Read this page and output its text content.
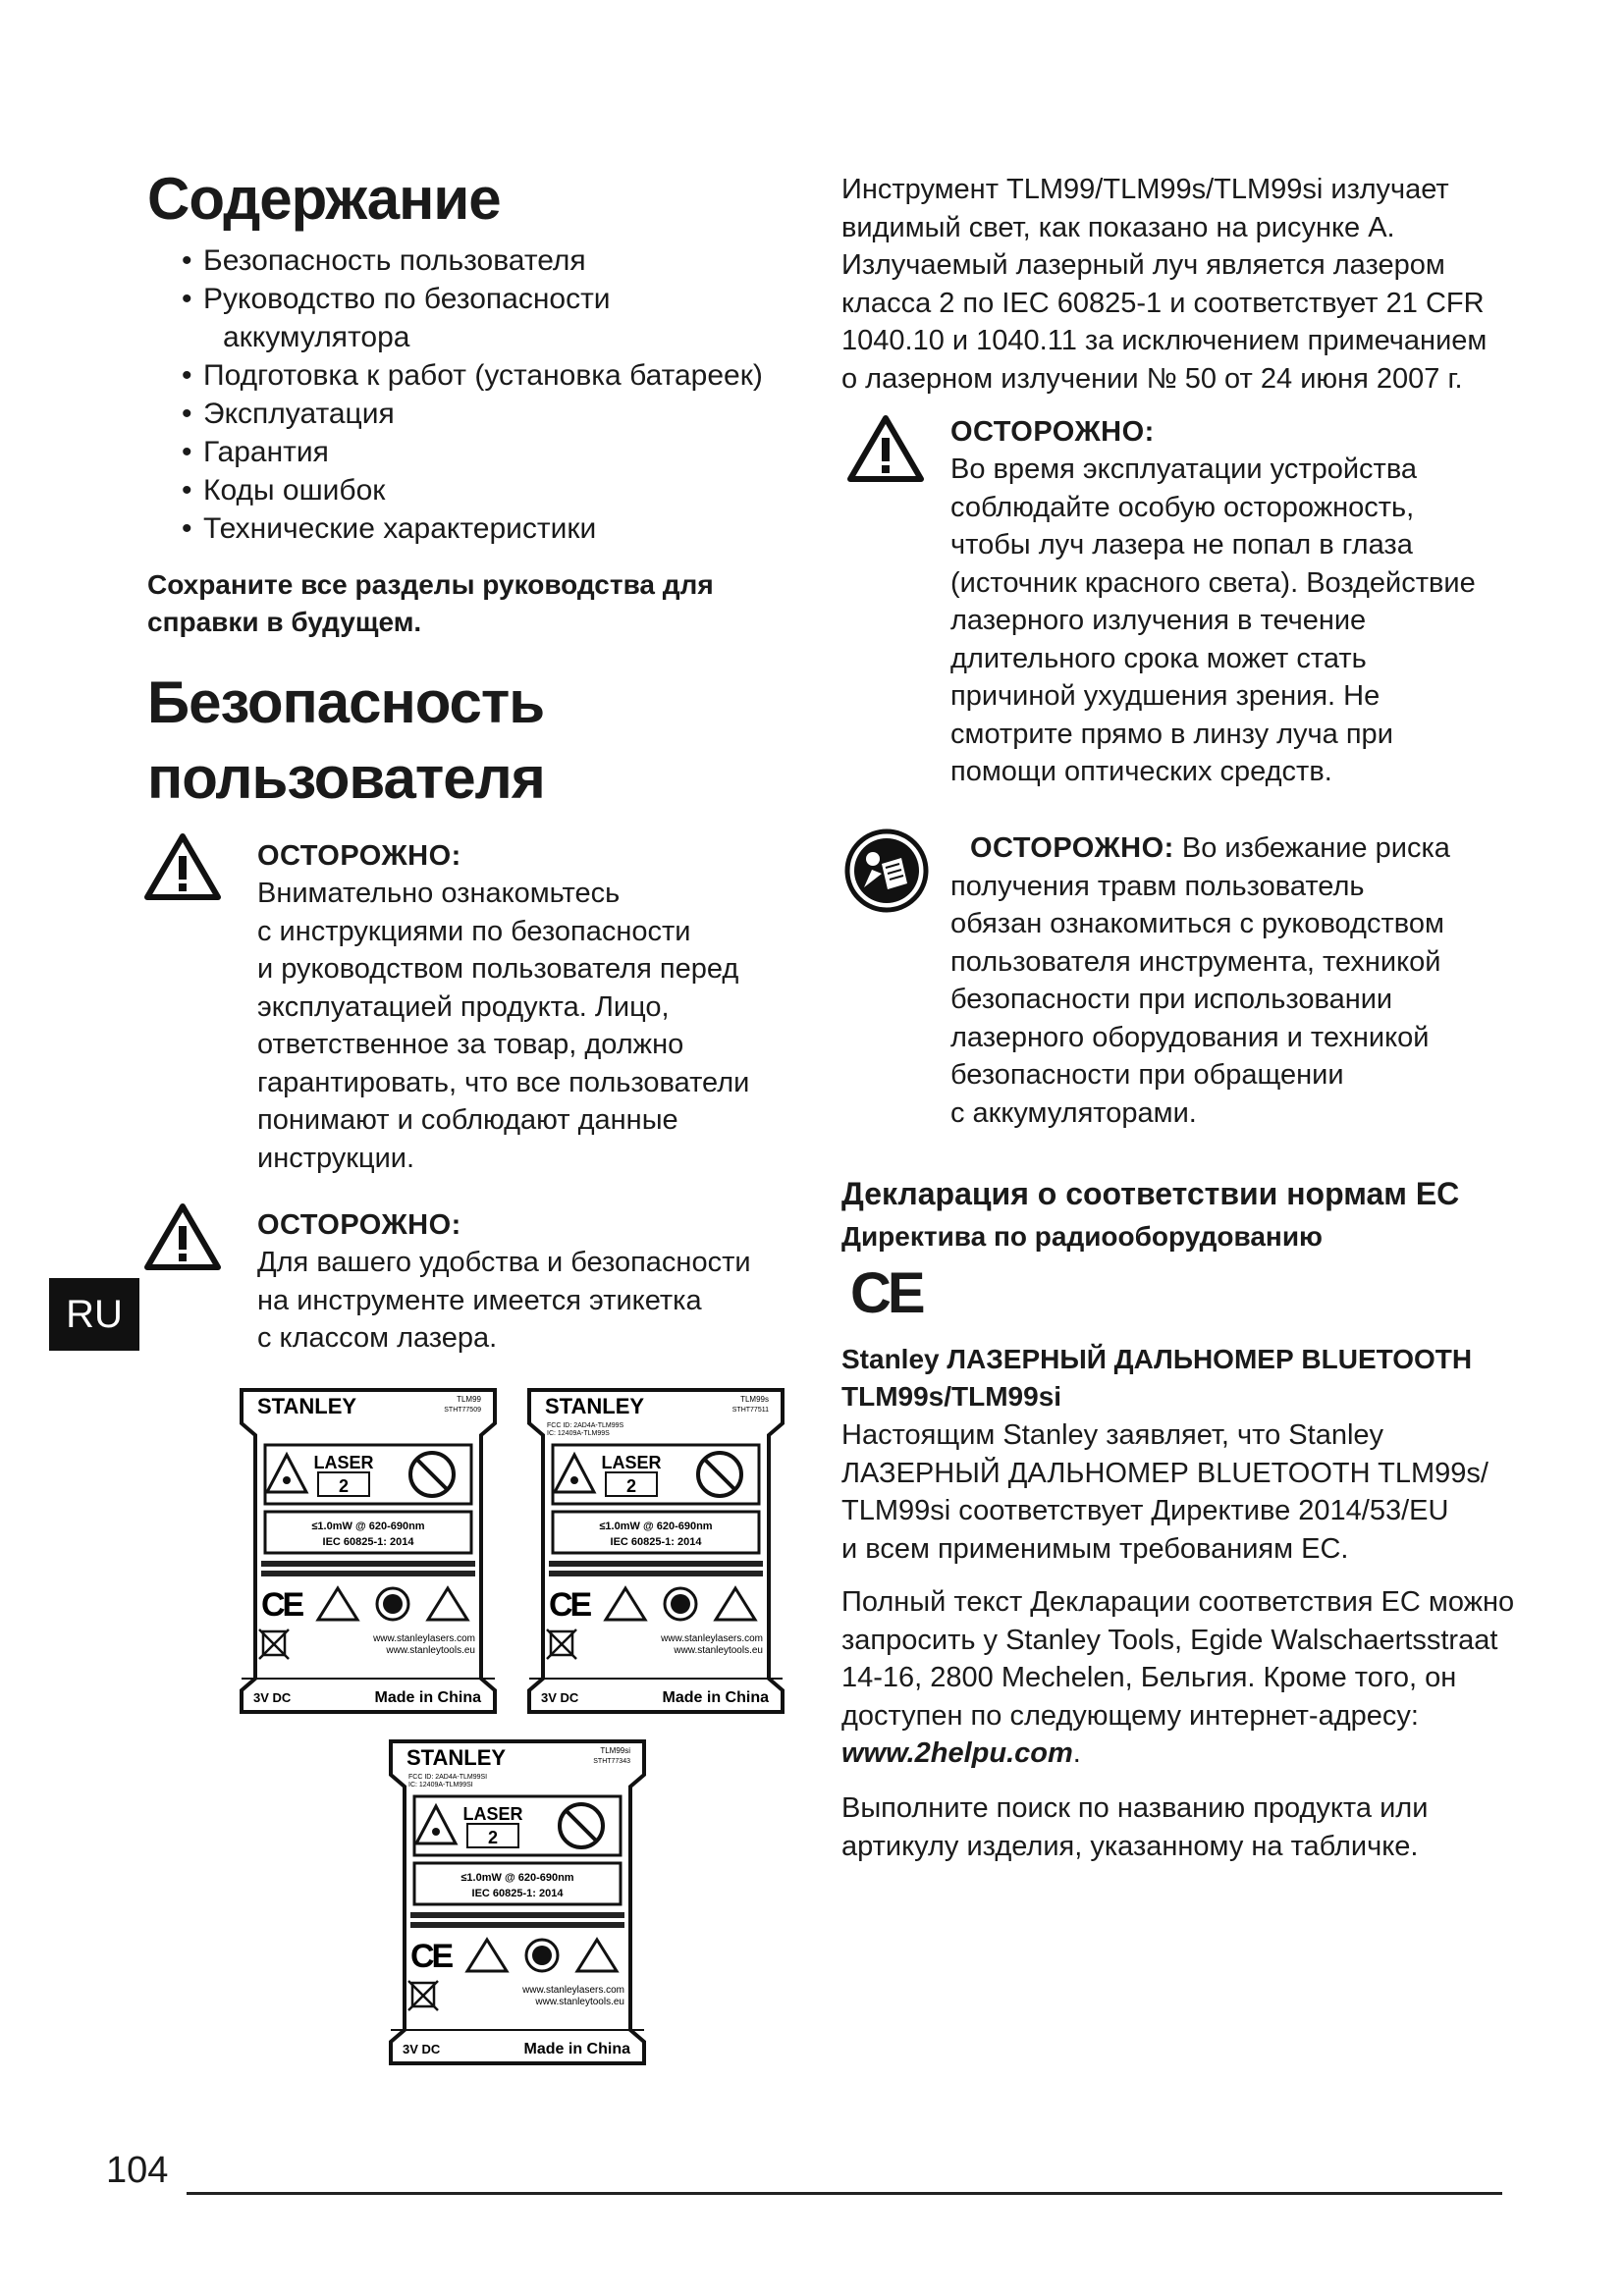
Содержание
• Безопасность пользователя
• Руководство по безопасности
аккумулятора
• Подготовка к работ (установка батареек)
• Эксплуатация
• Гарантия
• Коды ошибок
• Технические характеристики
Сохраните все разделы руководства для
справки в будущем.
Безопасность
пользователя
ОСТОРОЖНО:
Внимательно ознакомьтесь
с инструкциями по безопасности
и руководством пользователя перед
эксплуатацией продукта. Лицо,
ответственное за товар, должно
гарантировать, что все пользователи
понимают и соблюдают данные
инструкции.
ОСТОРОЖНО:
Для вашего удобства и безопасности
на инструменте имеется этикетка
с классом лазера.
RU
STANLEY	TLM99
STHT77509
LASER
2
≤1.0mW @ 620-690nm
IEC 60825-1: 2014
CE
www.stanleylasers.com
www.stanleytools.eu
3V DC	Made in China
STANLEY	TLM99s
STHT77511
FCC ID: 2AD4A-TLM99S
IC: 12409A-TLM99S
LASER
2
≤1.0mW @ 620-690nm
IEC 60825-1: 2014
CE
www.stanleylasers.com
www.stanleytools.eu
3V DC	Made in China
STANLEY	TLM99si
STHT77343
FCC ID: 2AD4A-TLM99SI
IC: 12409A-TLM99SI
LASER
2
≤1.0mW @ 620-690nm
IEC 60825-1: 2014
CE
www.stanleylasers.com
www.stanleytools.eu
3V DC	Made in China
Инструмент TLM99/TLM99s/TLM99si излучает
видимый свет, как показано на рисунке А.
Излучаемый лазерный луч является лазером
класса 2 по IEC 60825-1 и соответствует 21 CFR
1040.10 и 1040.11 за исключением примечанием
о лазерном излучении № 50 от 24 июня 2007 г.
ОСТОРОЖНО:
Во время эксплуатации устройства
соблюдайте особую осторожность,
чтобы луч лазера не попал в глаза
(источник красного света). Воздействие
лазерного излучения в течение
длительного срока может стать
причиной ухудшения зрения. Не
смотрите прямо в линзу луча при
помощи оптических средств.
ОСТОРОЖНО: Во избежание риска
получения травм пользователь
обязан ознакомиться с руководством
пользователя инструмента, техникой
безопасности при использовании
лазерного оборудования и техникой
безопасности при обращении
с аккумуляторами.
Декларация о соответствии нормам ЕС
Директива по радиооборудованию
CE
Stanley ЛАЗЕРНЫЙ ДАЛЬНОМЕР BLUETOOTH
TLM99s/TLM99si
Настоящим Stanley заявляет, что Stanley
ЛАЗЕРНЫЙ ДАЛЬНОМЕР BLUETOOTH TLM99s/
TLM99si соответствует Директиве 2014/53/EU
и всем применимым требованиям ЕС.
Полный текст Декларации соответствия ЕС можно
запросить у Stanley Tools, Egide Walschaertsstraat
14-16, 2800 Mechelen, Бельгия. Кроме того, он
доступен по следующему интернет-адресу:
www.2helpu.com.
Выполните поиск по названию продукта или
артикулу изделия, указанному на табличке.
104
